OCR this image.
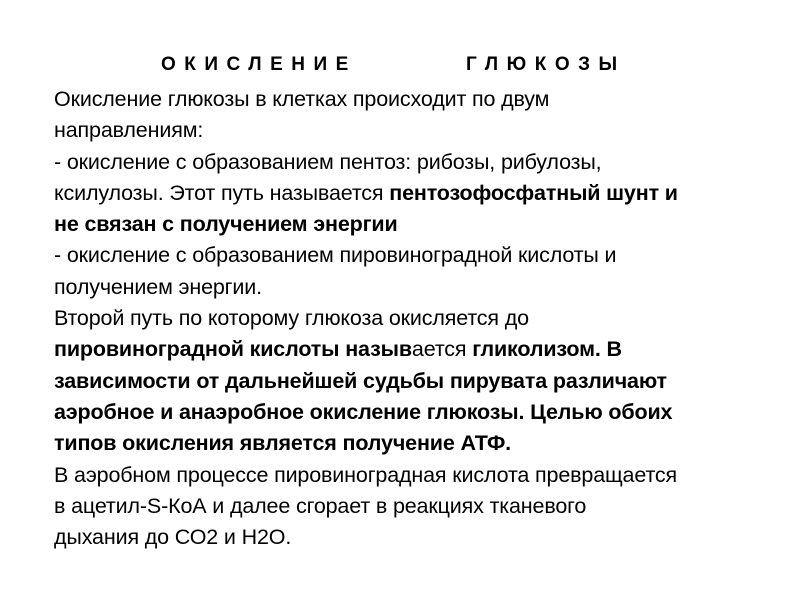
ОКИСЛЕНИЕ	ГЛЮКОЗЫ
Окисление глюкозы в клетках происходит по двум
направлениям:
- окисление с образованием пентоз: рибозы, рибулозы,
ксилулозы. Этот путь называется пентозофосфатный шунт и
не связан с получением энергии
- окисление с образованием пировиноградной кислоты и
получением энергии.
Второй путь по которому глюкоза окисляется до
пировиноградной кислоты называется гликолизом. В
зависимости от дальнейшей судьбы пирувата различают
аэробное и анаэробное окисление глюкозы. Целью обоих
типов окисления является получение АТФ.
В аэробном процессе пировиноградная кислота превращается
в ацетил-S-КоА и далее сгорает в реакциях тканевого
дыхания до СО2 и Н2О.
